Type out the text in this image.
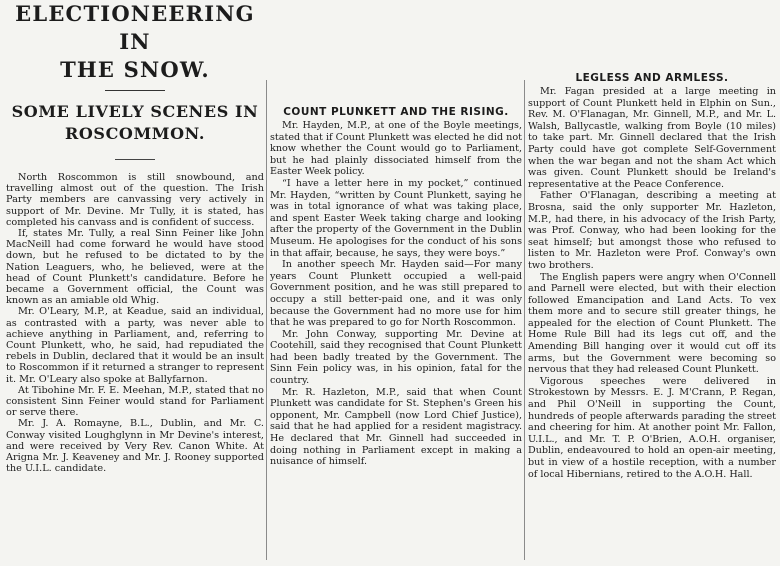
ELECTIONEERING IN
THE SNOW.
SOME LIVELY SCENES IN
ROSCOMMON.

North Roscommon is still snowbound, and travelling almost out of the question. The Irish Party members are canvassing very actively in support of Mr. Devine. Mr Tully, it is stated, has completed his canvass and is confident of success.

If, states Mr. Tully, a real Sinn Feiner like John MacNeill had come forward he would have stood down, but he refused to be dictated to by the Nation Leaguers, who, he believed, were at the head of Count Plunkett's candidature. Before he became a Government official, the Count was known as an amiable old Whig.

Mr. O'Leary, M.P., at Keadue, said an individual, as contrasted with a party, was never able to achieve anything in Parliament, and, referring to Count Plunkett, who, he said, had repudiated the rebels in Dublin, declared that it would be an insult to Roscommon if it returned a stranger to represent it. Mr. O'Leary also spoke at Ballyfarnon.

At Tibohine Mr. F. E. Meehan, M.P., stated that no consistent Sinn Feiner would stand for Parliament or serve there.

Mr. J. A. Romayne, B.L., Dublin, and Mr. C. Conway visited Loughglynn in Mr Devine's interest, and were received by Very Rev. Canon White. At Arigna Mr. J. Keaveney and Mr. J. Rooney supported the U.I.L. candidate.

COUNT PLUNKETT AND THE RISING.

Mr. Hayden, M.P., at one of the Boyle meetings, stated that if Count Plunkett was elected he did not know whether the Count would go to Parliament, but he had plainly dissociated himself from the Easter Week policy.

“I have a letter here in my pocket,” continued Mr. Hayden, “written by Count Plunkett, saying he was in total ignorance of what was taking place, and spent Easter Week taking charge and looking after the property of the Government in the Dublin Museum. He apologises for the conduct of his sons in that affair, because, he says, they were boys.”

In another speech Mr. Hayden said—For many years Count Plunkett occupied a well-paid Government position, and he was still prepared to occupy a still better-paid one, and it was only because the Government had no more use for him that he was prepared to go for North Roscommon.

Mr. John Conway, supporting Mr. Devine at Cootehill, said they recognised that Count Plunkett had been badly treated by the Government. The Sinn Fein policy was, in his opinion, fatal for the country.

Mr. R. Hazleton, M.P., said that when Count Plunkett was candidate for St. Stephen's Green his opponent, Mr. Campbell (now Lord Chief Justice), said that he had applied for a resident magistracy. He declared that Mr. Ginnell had succeeded in doing nothing in Parliament except in making a nuisance of himself.

LEGLESS AND ARMLESS.

Mr. Fagan presided at a large meeting in support of Count Plunkett held in Elphin on Sun., Rev. M. O'Flanagan, Mr. Ginnell, M.P., and Mr. L. Walsh, Ballycastle, walking from Boyle (10 miles) to take part. Mr. Ginnell declared that the Irish Party could have got complete Self-Government when the war began and not the sham Act which was given. Count Plunkett should be Ireland's representative at the Peace Conference.

Father O'Flanagan, describing a meeting at Brosna, said the only supporter Mr. Hazleton, M.P., had there, in his advocacy of the Irish Party, was Prof. Conway, who had been looking for the seat himself; but amongst those who refused to listen to Mr. Hazleton were Prof. Conway's own two brothers.

The English papers were angry when O'Connell and Parnell were elected, but with their election followed Emancipation and Land Acts. To vex them more and to secure still greater things, he appealed for the election of Count Plunkett. The Home Rule Bill had its legs cut off, and the Amending Bill hanging over it would cut off its arms, but the Government were becoming so nervous that they had released Count Plunkett.

Vigorous speeches were delivered in Strokestown by Messrs. E. J. M'Crann, P. Regan, and Phil O'Neill in supporting the Count, hundreds of people afterwards parading the street and cheering for him. At another point Mr. Fallon, U.I.L., and Mr. T. P. O'Brien, A.O.H. organiser, Dublin, endeavoured to hold an open-air meeting, but in view of a hostile reception, with a number of local Hibernians, retired to the A.O.H. Hall.
